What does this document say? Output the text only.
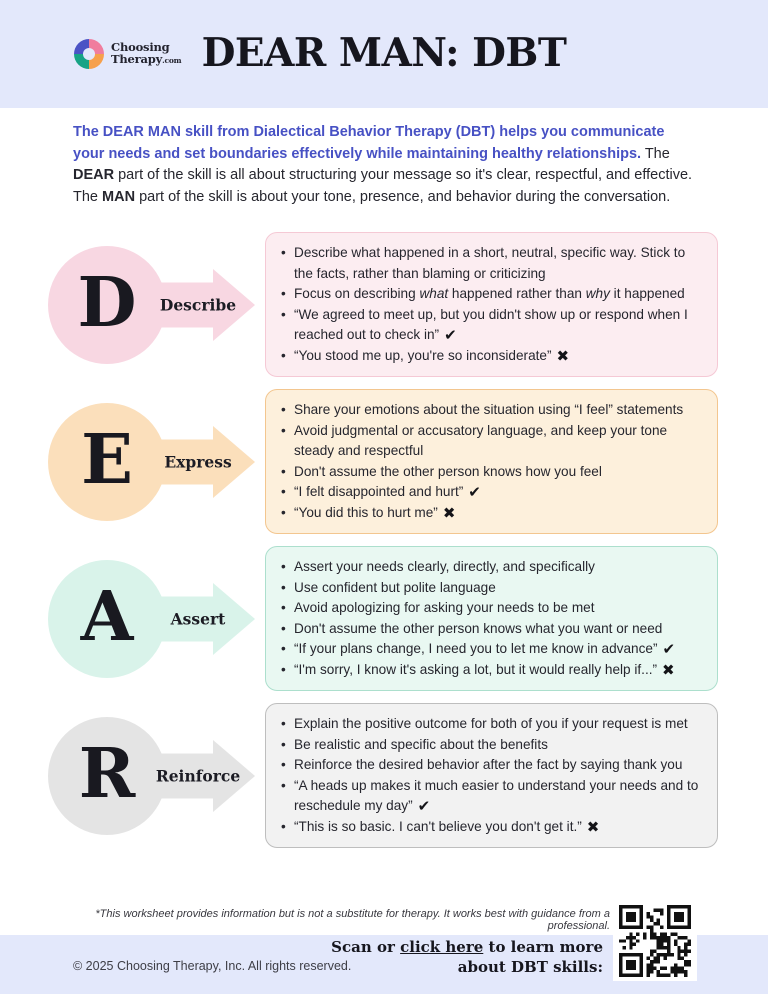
Choosing
Therapy.com DEAR MAN: DBT

The DEAR MAN skill from Dialectical Behavior Therapy (DBT) helps you communicate your needs and set boundaries effectively while maintaining healthy relationships. The DEAR part of the skill is all about structuring your message so it's clear, respectful, and effective. The MAN part of the skill is about your tone, presence, and behavior during the conversation.

D	Describe
• Describe what happened in a short, neutral, specific way. Stick to the facts, rather than blaming or criticizing
• Focus on describing what happened rather than why it happened
• “We agreed to meet up, but you didn't show up or respond when I reached out to check in” ✔
• “You stood me up, you're so inconsiderate” ✖
E	Express
• Share your emotions about the situation using “I feel” statements
• Avoid judgmental or accusatory language, and keep your tone steady and respectful
• Don't assume the other person knows how you feel
• “I felt disappointed and hurt” ✔
• “You did this to hurt me” ✖
A	Assert
• Assert your needs clearly, directly, and specifically
• Use confident but polite language
• Avoid apologizing for asking your needs to be met
• Don't assume the other person knows what you want or need
• “If your plans change, I need you to let me know in advance” ✔
• “I'm sorry, I know it's asking a lot, but it would really help if...” ✖
R	Reinforce
• Explain the positive outcome for both of you if your request is met
• Be realistic and specific about the benefits
• Reinforce the desired behavior after the fact by saying thank you
• “A heads up makes it much easier to understand your needs and to reschedule my day” ✔
• “This is so basic. I can't believe you don't get it.” ✖

*This worksheet provides information but is not a substitute for therapy. It works best with guidance from a professional.

© 2025 Choosing Therapy, Inc. All rights reserved.

Scan or click here to learn more about DBT skills:
